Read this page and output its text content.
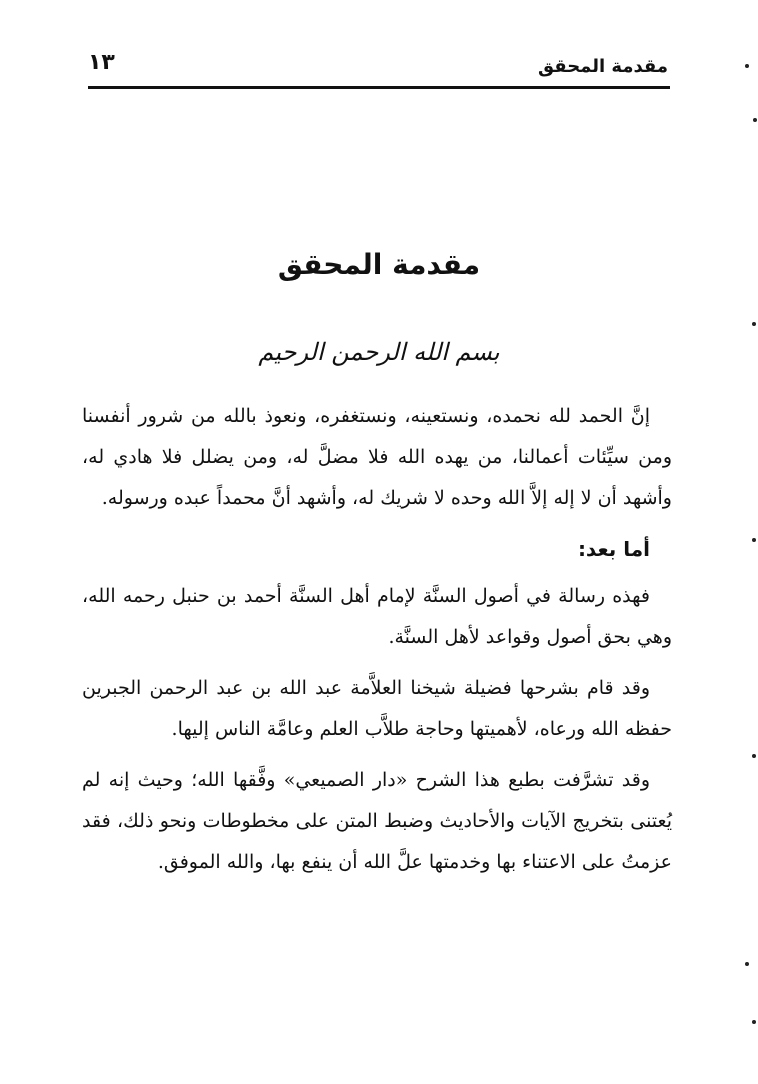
مقدمة المحقق
١٣
مقدمة المحقق
بسم الله الرحمن الرحيم

إنَّ الحمد لله نحمده، ونستعينه، ونستغفره، ونعوذ بالله من شرور أنفسنا ومن سيِّئات أعمالنا، من يهده الله فلا مضلَّ له، ومن يضلل فلا هادي له، وأشهد أن لا إله إلاَّ الله وحده لا شريك له، وأشهد أنَّ محمداً عبده ورسوله.

أما بعد:

فهذه رسالة في أصول السنَّة لإمام أهل السنَّة أحمد بن حنبل رحمه الله، وهي بحق أصول وقواعد لأهل السنَّة.

وقد قام بشرحها فضيلة شيخنا العلاَّمة عبد الله بن عبد الرحمن الجبرين حفظه الله ورعاه، لأهميتها وحاجة طلاَّب العلم وعامَّة الناس إليها.

وقد تشرَّفت بطبع هذا الشرح «دار الصميعي» وفَّقها الله؛ وحيث إنه لم يُعتنى بتخريج الآيات والأحاديث وضبط المتن على مخطوطات ونحو ذلك، فقد عزمتُ على الاعتناء بها وخدمتها علَّ الله أن ينفع بها، والله الموفق.
